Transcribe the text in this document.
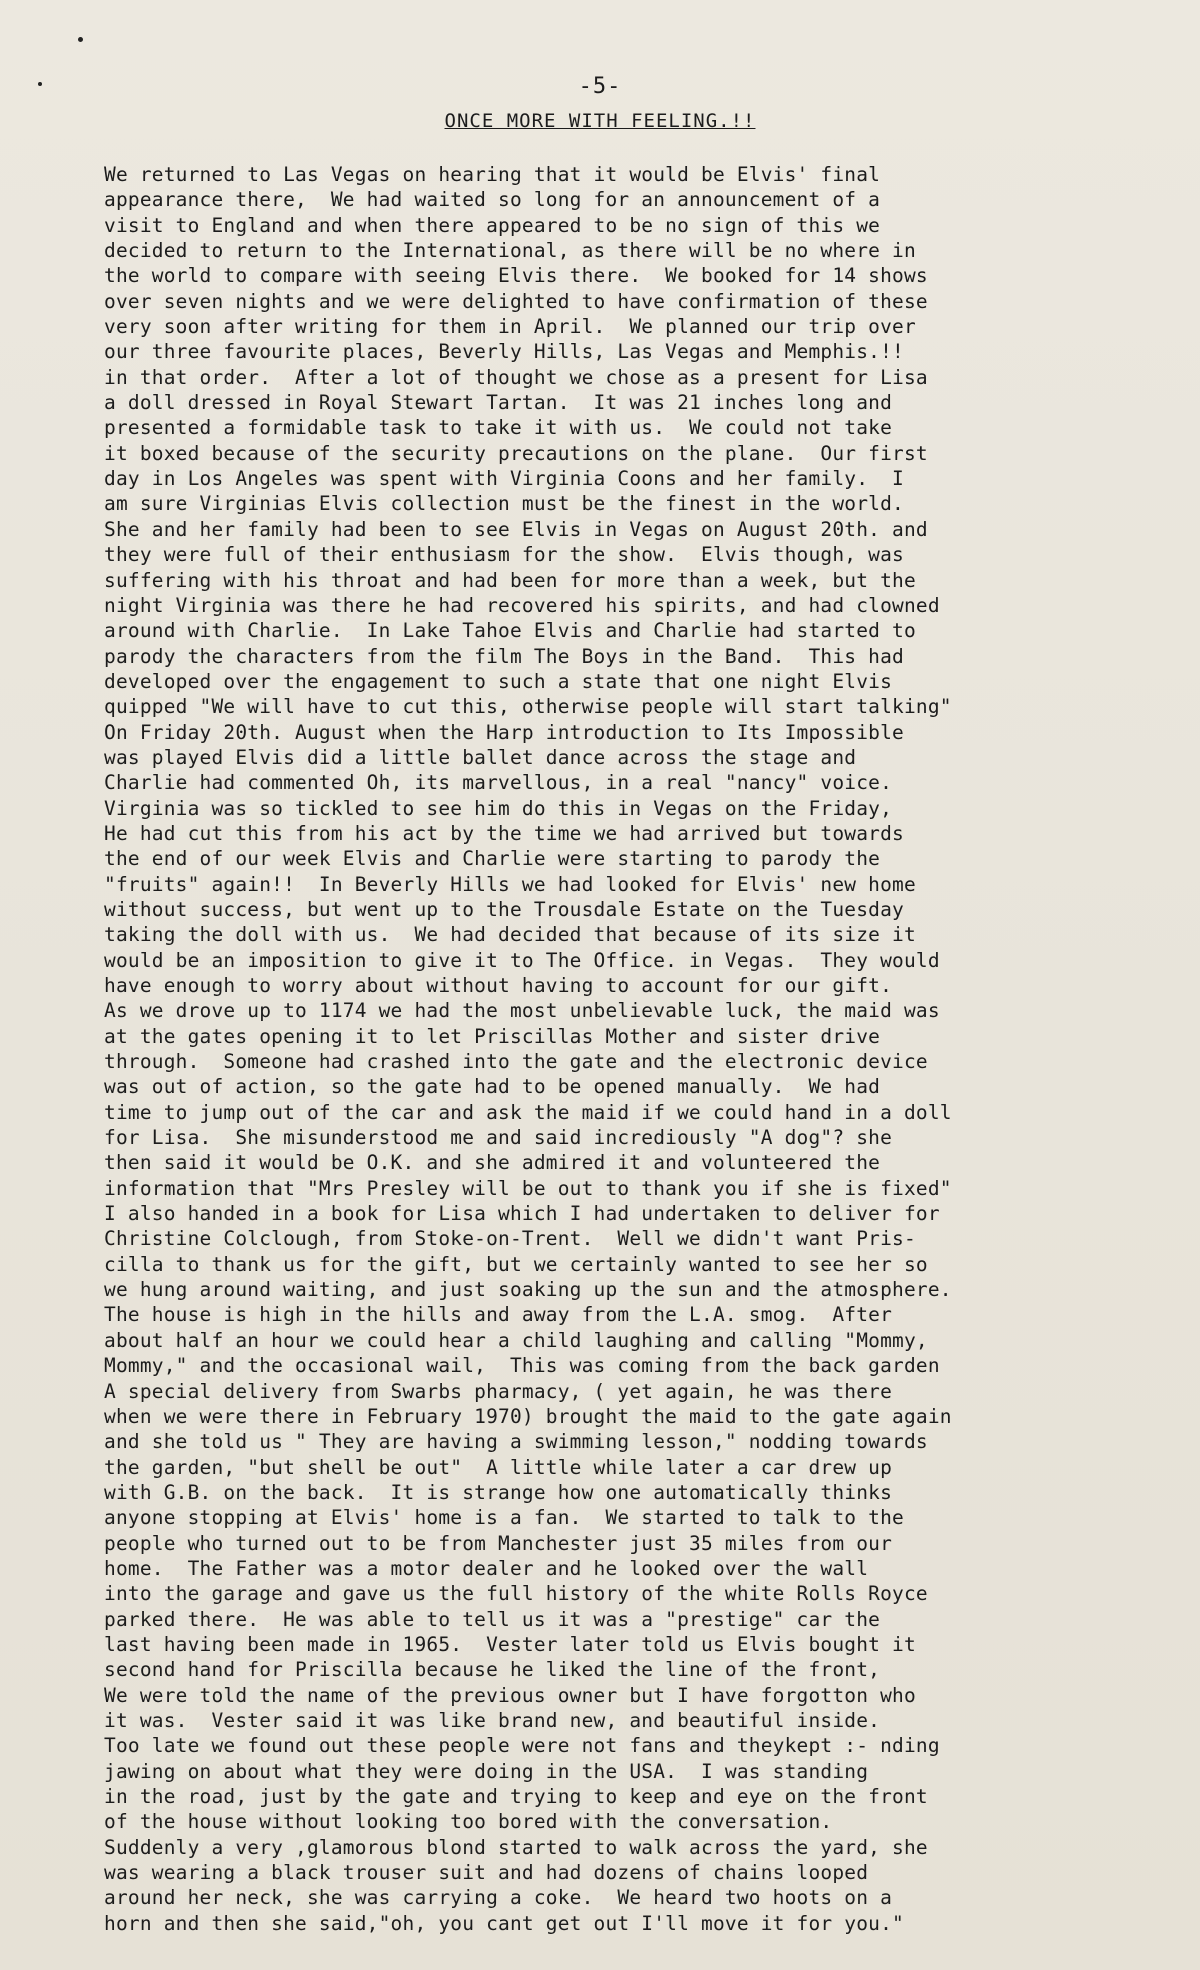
-5-
ONCE MORE WITH FEELING.!!
We returned to Las Vegas on hearing that it would be Elvis' final
appearance there,  We had waited so long for an announcement of a
visit to England and when there appeared to be no sign of this we
decided to return to the International, as there will be no where in
the world to compare with seeing Elvis there.  We booked for 14 shows
over seven nights and we were delighted to have confirmation of these
very soon after writing for them in April.  We planned our trip over
our three favourite places, Beverly Hills, Las Vegas and Memphis.!!
in that order.  After a lot of thought we chose as a present for Lisa
a doll dressed in Royal Stewart Tartan.  It was 21 inches long and
presented a formidable task to take it with us.  We could not take
it boxed because of the security precautions on the plane.  Our first
day in Los Angeles was spent with Virginia Coons and her family.  I
am sure Virginias Elvis collection must be the finest in the world.
She and her family had been to see Elvis in Vegas on August 20th. and
they were full of their enthusiasm for the show.  Elvis though, was
suffering with his throat and had been for more than a week, but the
night Virginia was there he had recovered his spirits, and had clowned
around with Charlie.  In Lake Tahoe Elvis and Charlie had started to
parody the characters from the film The Boys in the Band.  This had
developed over the engagement to such a state that one night Elvis
quipped "We will have to cut this, otherwise people will start talking"
On Friday 20th. August when the Harp introduction to Its Impossible
was played Elvis did a little ballet dance across the stage and
Charlie had commented Oh, its marvellous, in a real "nancy" voice.
Virginia was so tickled to see him do this in Vegas on the Friday,
He had cut this from his act by the time we had arrived but towards
the end of our week Elvis and Charlie were starting to parody the
"fruits" again!!  In Beverly Hills we had looked for Elvis' new home
without success, but went up to the Trousdale Estate on the Tuesday
taking the doll with us.  We had decided that because of its size it
would be an imposition to give it to The Office. in Vegas.  They would
have enough to worry about without having to account for our gift.
As we drove up to 1174 we had the most unbelievable luck, the maid was
at the gates opening it to let Priscillas Mother and sister drive
through.  Someone had crashed into the gate and the electronic device
was out of action, so the gate had to be opened manually.  We had
time to jump out of the car and ask the maid if we could hand in a doll
for Lisa.  She misunderstood me and said incrediously "A dog"? she
then said it would be O.K. and she admired it and volunteered the
information that "Mrs Presley will be out to thank you if she is fixed"
I also handed in a book for Lisa which I had undertaken to deliver for
Christine Colclough, from Stoke-on-Trent.  Well we didn't want Pris-
cilla to thank us for the gift, but we certainly wanted to see her so
we hung around waiting, and just soaking up the sun and the atmosphere.
The house is high in the hills and away from the L.A. smog.  After
about half an hour we could hear a child laughing and calling "Mommy,
Mommy," and the occasional wail,  This was coming from the back garden
A special delivery from Swarbs pharmacy, ( yet again, he was there
when we were there in February 1970) brought the maid to the gate again
and she told us " They are having a swimming lesson," nodding towards
the garden, "but shell be out"  A little while later a car drew up
with G.B. on the back.  It is strange how one automatically thinks
anyone stopping at Elvis' home is a fan.  We started to talk to the
people who turned out to be from Manchester just 35 miles from our
home.  The Father was a motor dealer and he looked over the wall
into the garage and gave us the full history of the white Rolls Royce
parked there.  He was able to tell us it was a "prestige" car the
last having been made in 1965.  Vester later told us Elvis bought it
second hand for Priscilla because he liked the line of the front,
We were told the name of the previous owner but I have forgotton who
it was.  Vester said it was like brand new, and beautiful inside.
Too late we found out these people were not fans and theykept :- nding
jawing on about what they were doing in the USA.  I was standing
in the road, just by the gate and trying to keep and eye on the front
of the house without looking too bored with the conversation.
Suddenly a very ,glamorous blond started to walk across the yard, she
was wearing a black trouser suit and had dozens of chains looped
around her neck, she was carrying a coke.  We heard two hoots on a
horn and then she said,"oh, you cant get out I'll move it for you."
